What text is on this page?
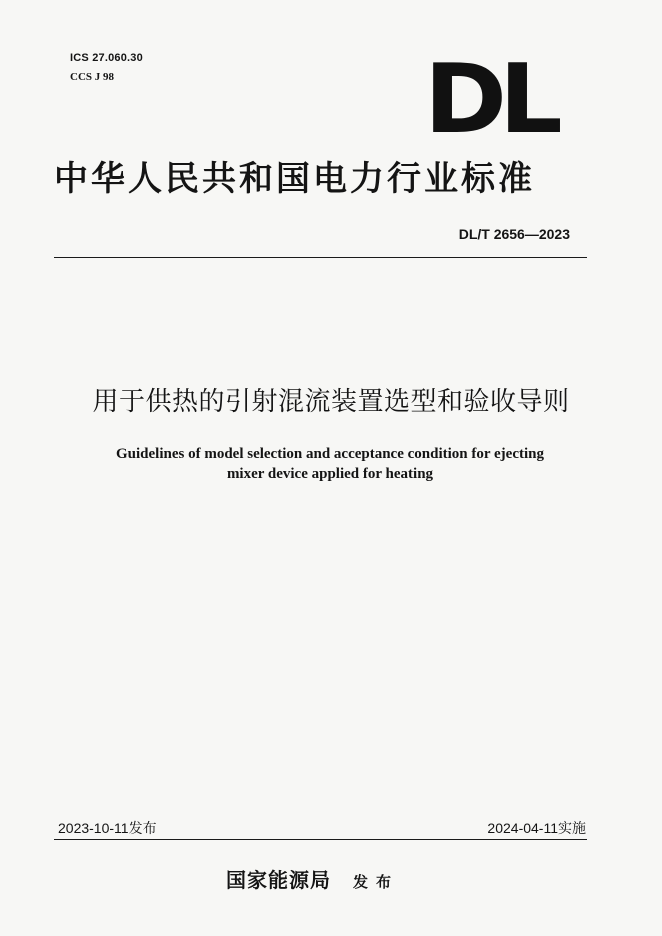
ICS 27.060.30
CCS J 98	DL
中华人民共和国电力行业标准
DL/T 2656—2023
用于供热的引射混流装置选型和验收导则
Guidelines of model selection and acceptance condition for ejecting
mixer device applied for heating
2023-10-11发布	2024-04-11实施
国家能源局 发布
